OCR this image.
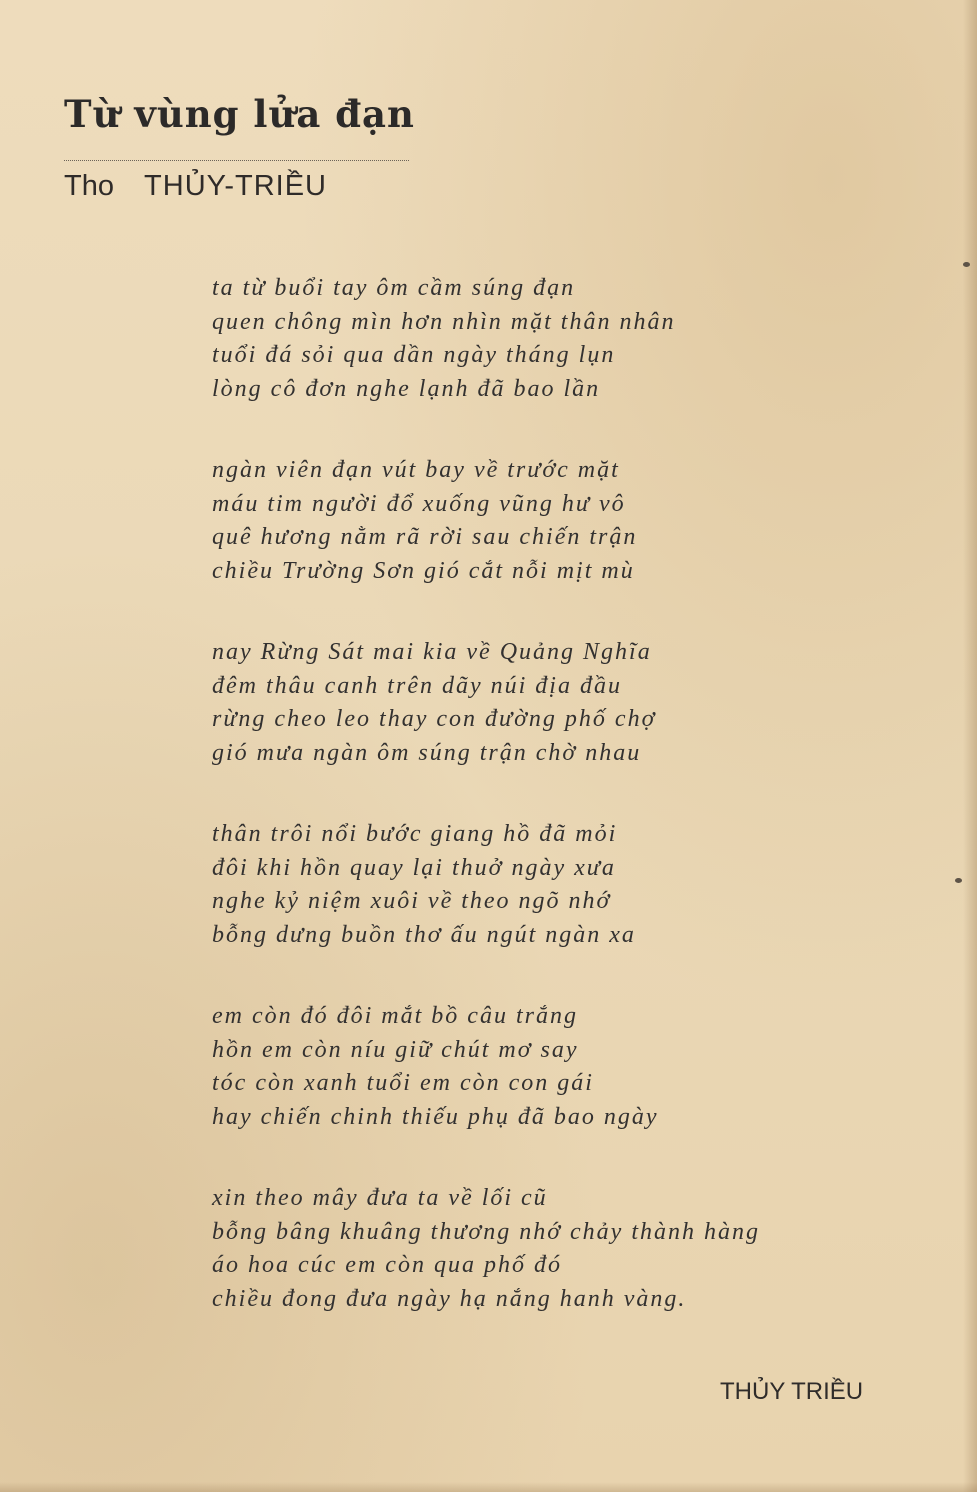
Từ vùng lửa đạn
Tho THỦY-TRIỀU
ta từ buổi tay ôm cầm súng đạn
quen chông mìn hơn nhìn mặt thân nhân
tuổi đá sỏi qua dần ngày tháng lụn
lòng cô đơn nghe lạnh đã bao lần
ngàn viên đạn vút bay về trước mặt
máu tim người đổ xuống vũng hư vô
quê hương nằm rã rời sau chiến trận
chiều Trường Sơn gió cắt nỗi mịt mù
nay Rừng Sát mai kia về Quảng Nghĩa
đêm thâu canh trên dãy núi địa đầu
rừng cheo leo thay con đường phố chợ
gió mưa ngàn ôm súng trận chờ nhau
thân trôi nổi bước giang hồ đã mỏi
đôi khi hồn quay lại thuở ngày xưa
nghe kỷ niệm xuôi về theo ngõ nhớ
bỗng dưng buồn thơ ấu ngút ngàn xa
em còn đó đôi mắt bồ câu trắng
hồn em còn níu giữ chút mơ say
tóc còn xanh tuổi em còn con gái
hay chiến chinh thiếu phụ đã bao ngày
xin theo mây đưa ta về lối cũ
bỗng bâng khuâng thương nhớ chảy thành hàng
áo hoa cúc em còn qua phố đó
chiều đong đưa ngày hạ nắng hanh vàng.
THỦY TRIỀU
